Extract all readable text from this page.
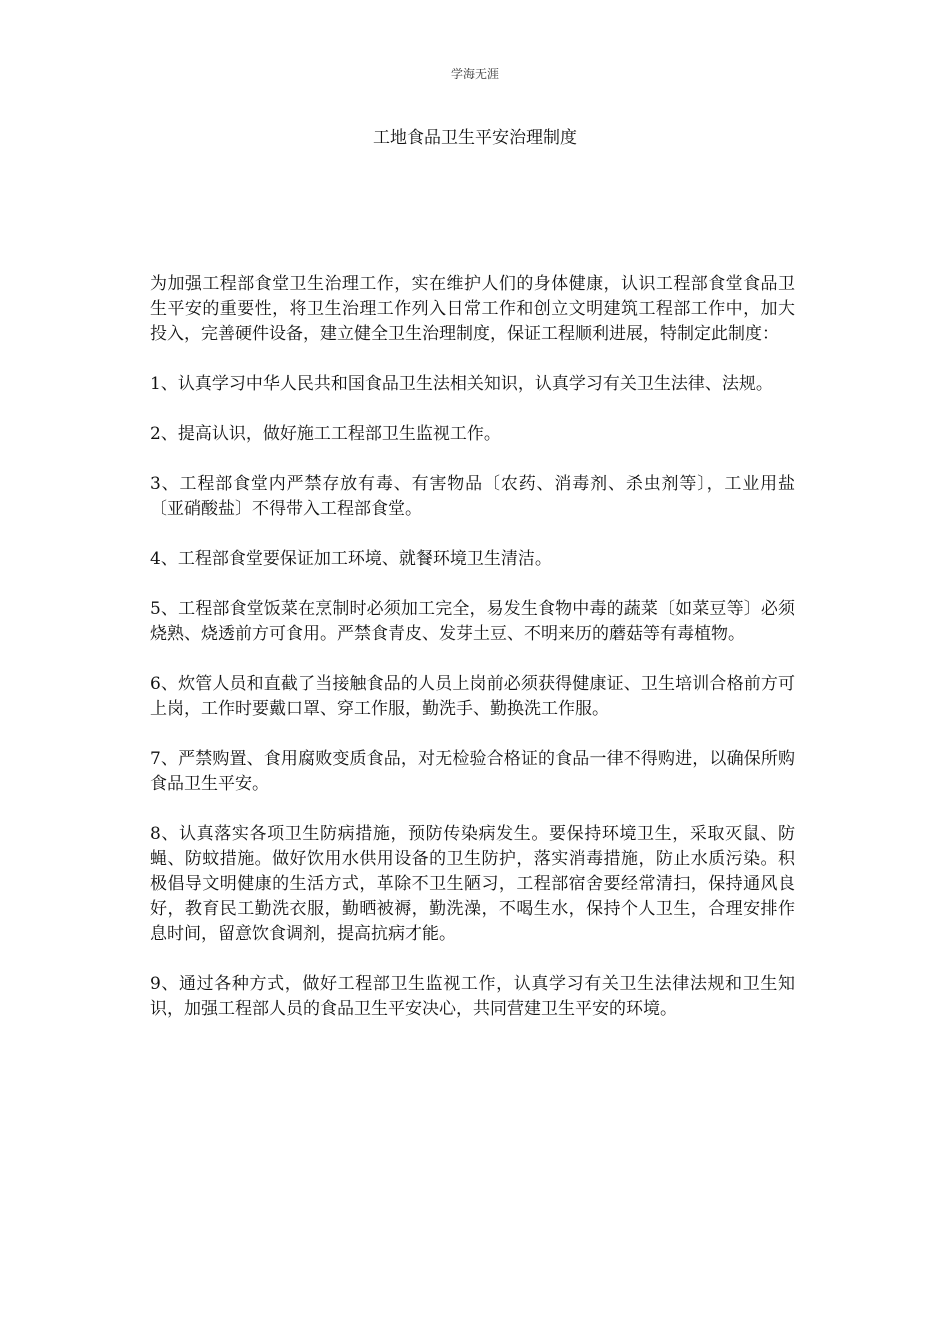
学海无涯
工地食品卫生平安治理制度

为加强工程部食堂卫生治理工作，实在维护人们的身体健康，认识工程部食堂食品卫生平安的重要性，将卫生治理工作列入日常工作和创立文明建筑工程部工作中，加大投入，完善硬件设备，建立健全卫生治理制度，保证工程顺利进展，特制定此制度：

1、认真学习中华人民共和国食品卫生法相关知识，认真学习有关卫生法律、法规。

2、提高认识，做好施工工程部卫生监视工作。

3、工程部食堂内严禁存放有毒、有害物品〔农药、消毒剂、杀虫剂等〕，工业用盐〔亚硝酸盐〕不得带入工程部食堂。

4、工程部食堂要保证加工环境、就餐环境卫生清洁。

5、工程部食堂饭菜在烹制时必须加工完全，易发生食物中毒的蔬菜〔如菜豆等〕必须烧熟、烧透前方可食用。严禁食青皮、发芽土豆、不明来历的蘑菇等有毒植物。

6、炊管人员和直截了当接触食品的人员上岗前必须获得健康证、卫生培训合格前方可上岗，工作时要戴口罩、穿工作服，勤洗手、勤换洗工作服。

7、严禁购置、食用腐败变质食品，对无检验合格证的食品一律不得购进，以确保所购食品卫生平安。

8、认真落实各项卫生防病措施，预防传染病发生。要保持环境卫生，采取灭鼠、防蝇、防蚊措施。做好饮用水供用设备的卫生防护，落实消毒措施，防止水质污染。积极倡导文明健康的生活方式，革除不卫生陋习，工程部宿舍要经常清扫，保持通风良好，教育民工勤洗衣服，勤晒被褥，勤洗澡，不喝生水，保持个人卫生，合理安排作息时间，留意饮食调剂，提高抗病才能。

9、通过各种方式，做好工程部卫生监视工作，认真学习有关卫生法律法规和卫生知识，加强工程部人员的食品卫生平安决心，共同营建卫生平安的环境。
